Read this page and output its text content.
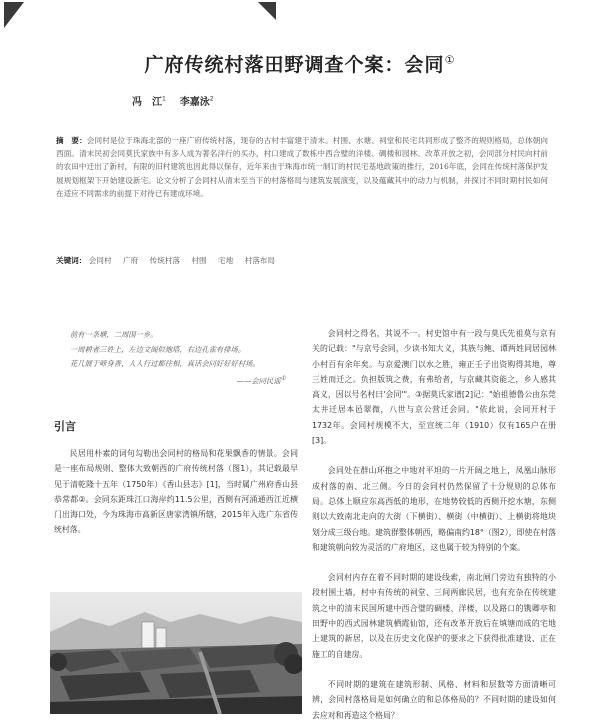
广府传统村落田野调查个案：会同①
冯　江$^1$ 李嘉泳$^2$
摘　要：会同村是位于珠海北部的一座广府传统村落，现存的古村丰富建于清末。村围、水塘、祠堂和民宅共同形成了整齐的规则格局，总体朝向西面。清末民初会同莫氏家族中有多人成为著名洋行的买办，村口建成了数栋中西合璧的洋楼、碉楼和园林。改革开放之初，会同部分村民向村前的农田中迁出了新村，有限的旧村建筑也因此得以保存，近年来由于珠海市统一制订的村民宅基地政策的推行，2016年底，会同在传统村落保护发展规划框架下开始建设新宅。论文分析了会同村从清末至当下的村落格局与建筑发展演变，以及蕴藏其中的动力与机制，并探讨不同时期村民如何在适应不同需求的前提下对待已有建成环境。
关键词： 会同村 广府 传统村落 村围 宅地 村落布局
前有一条塘，二周围一乡。
一周耕者三姓上，左边文阁似炮塔，右边孔雀有排场。
花几展于啼身香，人人行过都往相，真话会同好好好村场。
——会同民谣①
引言

民居用朴素的词句勾勒出会同村的格局和花果飘香的情景。会同是一座布局规则、整体大致朝西的广府传统村落（图1），其记载最早见于清乾隆十五年（1750年）《香山县志》[1]，当时属广州府香山县恭常都②。会同东距珠江口海岸约11.5公里，西侧有河涌通西江近横门出海口处，今为珠海市高新区唐家湾镇所辖，2015年入选广东省传统村落。

会同村之得名，其说不一。村史馆中有一段与莫氏先祖莫与京有关的记载："与京号会同，少读书知大义，其族与鲍、谭两姓同居园林小村百有余年矣。与京爱澳门以水之胜，雍正壬子出资购得其地，尊三姓而迁之。负担版筑之费，有弗给者，与京藏其资能之，乡人感其高义，因以号名村曰'会同'"。③据莫氏家谱[2]记："始祖德鲁公由东莞太井迁居本邑翠微，八世与京公营迁会同。"依此说，会同开村于1732年。会同村规模不大，至宣统二年（1910）仅有165户在册[3]。

会同处在群山环抱之中地对平坦的一片开阔之地上，凤凰山脉形成村落的南、北三侧。今日的会同村仍然保留了十分规则的总体布局。总体上顺应东高西低的地形，在地势较低的西侧开挖水塘，东侧则以大致南北走向的大街（下横街）、横街（中横街）、上横街将地块划分成三级台地。建筑群整体朝西，略偏南约18°（图2），即使在村落和建筑朝向较为灵活的广府地区，这也属于较为特别的个案。

会同村内存在着不同时期的建设线索，南北闸门旁边有独特的小段村围土墙，村中有传统的祠堂、三间两廊民居，也有充杂在传统建筑之中的清末民国所建中西合璧的碉楼、洋楼，以及路口的镌卿亭和田野中的西式园林建筑栖霞仙馆，还有改革开放后在填塘而成的宅地上建筑的新居，以及在历史文化保护的要求之下获得批准建设、正在施工的自建房。

不同时期的建筑在建筑形制、风格、材料和层数等方面清晰可辨，会同村落格局是如何确立的和总体格局的？不同时期的建设如何去应对和再造这个格局？
